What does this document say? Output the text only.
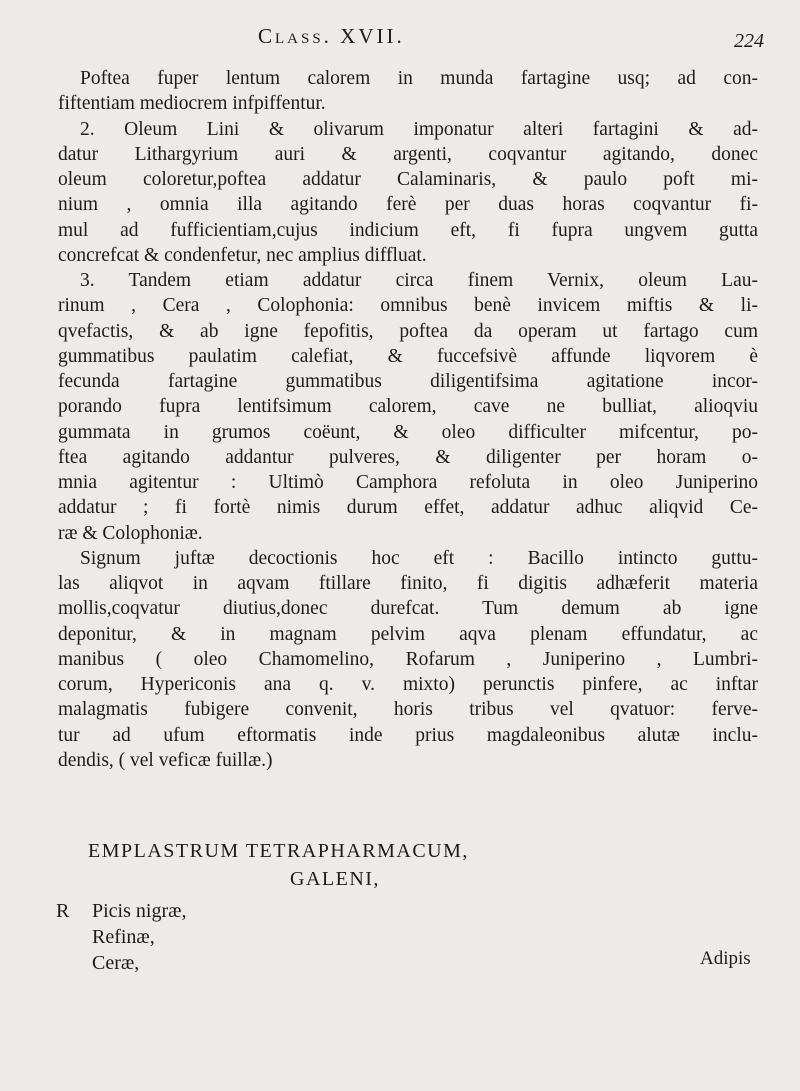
Class. XVII.	224
Poftea fuper lentum calorem in munda fartagine usq; ad con-
fiftentiam mediocrem infpiffentur.
2. Oleum Lini & olivarum imponatur alteri fartagini & ad-
datur Lithargyrium auri & argenti, coqvantur agitando, donec
oleum coloretur,poftea addatur Calaminaris, & paulo poft mi-
nium , omnia illa agitando ferè per duas horas coqvantur fi-
mul ad fufficientiam,cujus indicium eft, fi fupra ungvem gutta
concrefcat & condenfetur, nec amplius diffluat.
3. Tandem etiam addatur circa finem Vernix, oleum Lau-
rinum , Cera , Colophonia: omnibus benè invicem miftis & li-
qvefactis, & ab igne fepofitis, poftea da operam ut fartago cum
gummatibus paulatim calefiat, & fuccefsivè affunde liqvorem è
fecunda fartagine gummatibus diligentifsima agitatione incor-
porando fupra lentifsimum calorem, cave ne bulliat, alioqviu
gummata in grumos coëunt, & oleo difficulter mifcentur, po-
ftea agitando addantur pulveres, & diligenter per horam o-
mnia agitentur : Ultimò Camphora refoluta in oleo Juniperino
addatur ; fi fortè nimis durum effet, addatur adhuc aliqvid Ce-
ræ & Colophoniæ.
Signum juftæ decoctionis hoc eft : Bacillo intincto guttu-
las aliqvot in aqvam ftillare finito, fi digitis adhæferit materia
mollis,coqvatur diutius,donec durefcat. Tum demum ab igne
deponitur, & in magnam pelvim aqva plenam effundatur, ac
manibus ( oleo Chamomelino, Rofarum , Juniperino , Lumbri-
corum, Hypericonis ana q. v. mixto) perunctis pinfere, ac inftar
malagmatis fubigere convenit, horis tribus vel qvatuor: ferve-
tur ad ufum eftormatis inde prius magdaleonibus alutæ inclu-
dendis, ( vel veficæ fuillæ.)
EMPLASTRUM TETRAPHARMACUM,
GALENI,
R Picis nigræ,
Refinæ,
Ceræ,	Adipis
